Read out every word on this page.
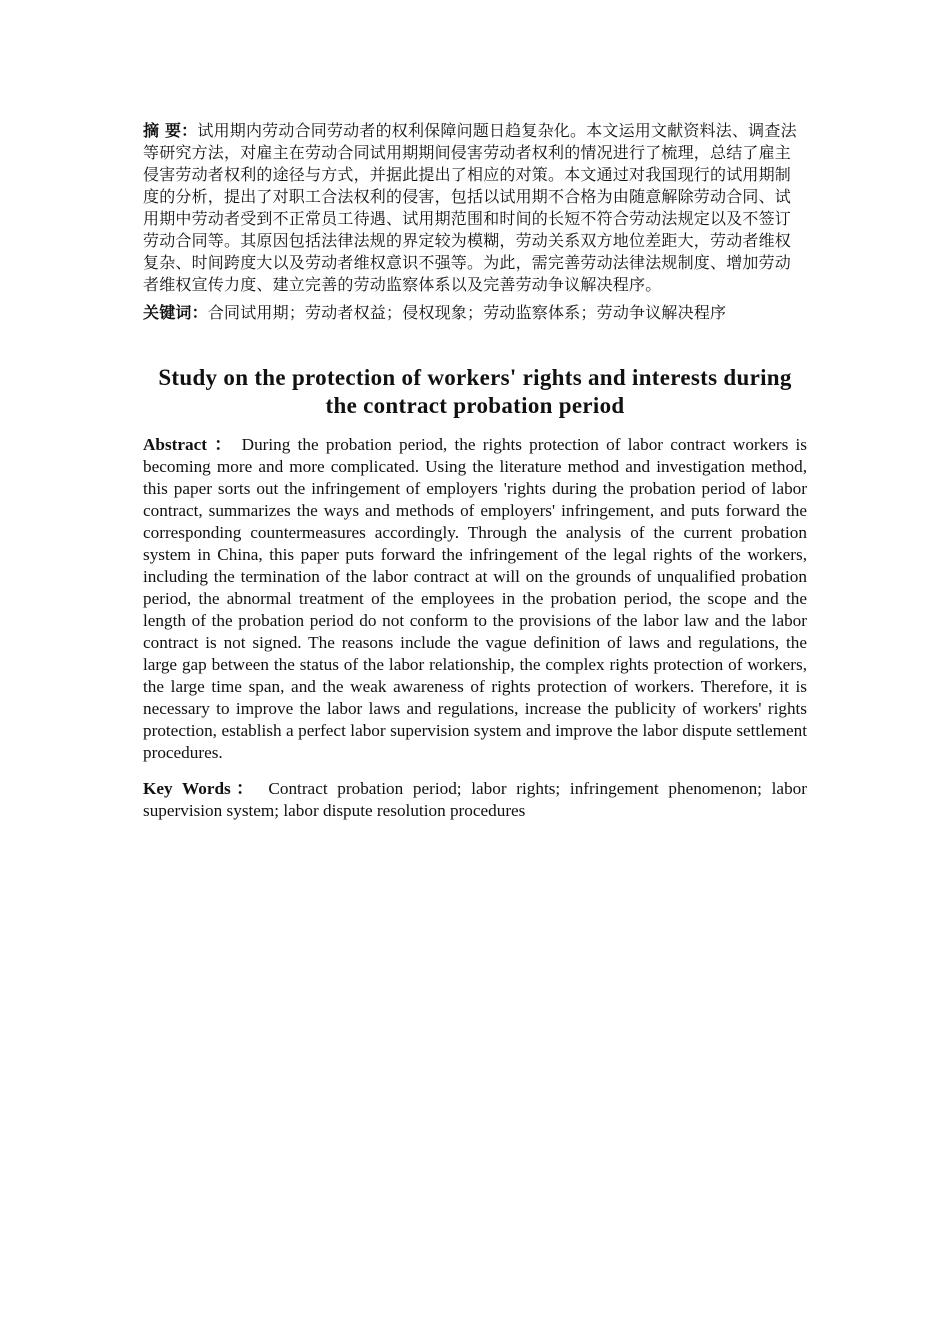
摘 要：试用期内劳动合同劳动者的权利保障问题日趋复杂化。本文运用文献资料法、调查法等研究方法，对雇主在劳动合同试用期期间侵害劳动者权利的情况进行了梳理，总结了雇主侵害劳动者权利的途径与方式，并据此提出了相应的对策。本文通过对我国现行的试用期制度的分析，提出了对职工合法权利的侵害，包括以试用期不合格为由随意解除劳动合同、试用期中劳动者受到不正常员工待遇、试用期范围和时间的长短不符合劳动法规定以及不签订劳动合同等。其原因包括法律法规的界定较为模糊，劳动关系双方地位差距大，劳动者维权复杂、时间跨度大以及劳动者维权意识不强等。为此，需完善劳动法律法规制度、增加劳动者维权宣传力度、建立完善的劳动监察体系以及完善劳动争议解决程序。

关键词：合同试用期；劳动者权益；侵权现象；劳动监察体系；劳动争议解决程序

Study on the protection of workers' rights and interests during the contract probation period

Abstract ： During the probation period, the rights protection of labor contract workers is becoming more and more complicated. Using the literature method and investigation method, this paper sorts out the infringement of employers 'rights during the probation period of labor contract, summarizes the ways and methods of employers' infringement, and puts forward the corresponding countermeasures accordingly. Through the analysis of the current probation system in China, this paper puts forward the infringement of the legal rights of the workers, including the termination of the labor contract at will on the grounds of unqualified probation period, the abnormal treatment of the employees in the probation period, the scope and the length of the probation period do not conform to the provisions of the labor law and the labor contract is not signed. The reasons include the vague definition of laws and regulations, the large gap between the status of the labor relationship, the complex rights protection of workers, the large time span, and the weak awareness of rights protection of workers. Therefore, it is necessary to improve the labor laws and regulations, increase the publicity of workers' rights protection, establish a perfect labor supervision system and improve the labor dispute settlement procedures.

Key Words： Contract probation period; labor rights; infringement phenomenon; labor supervision system; labor dispute resolution procedures
